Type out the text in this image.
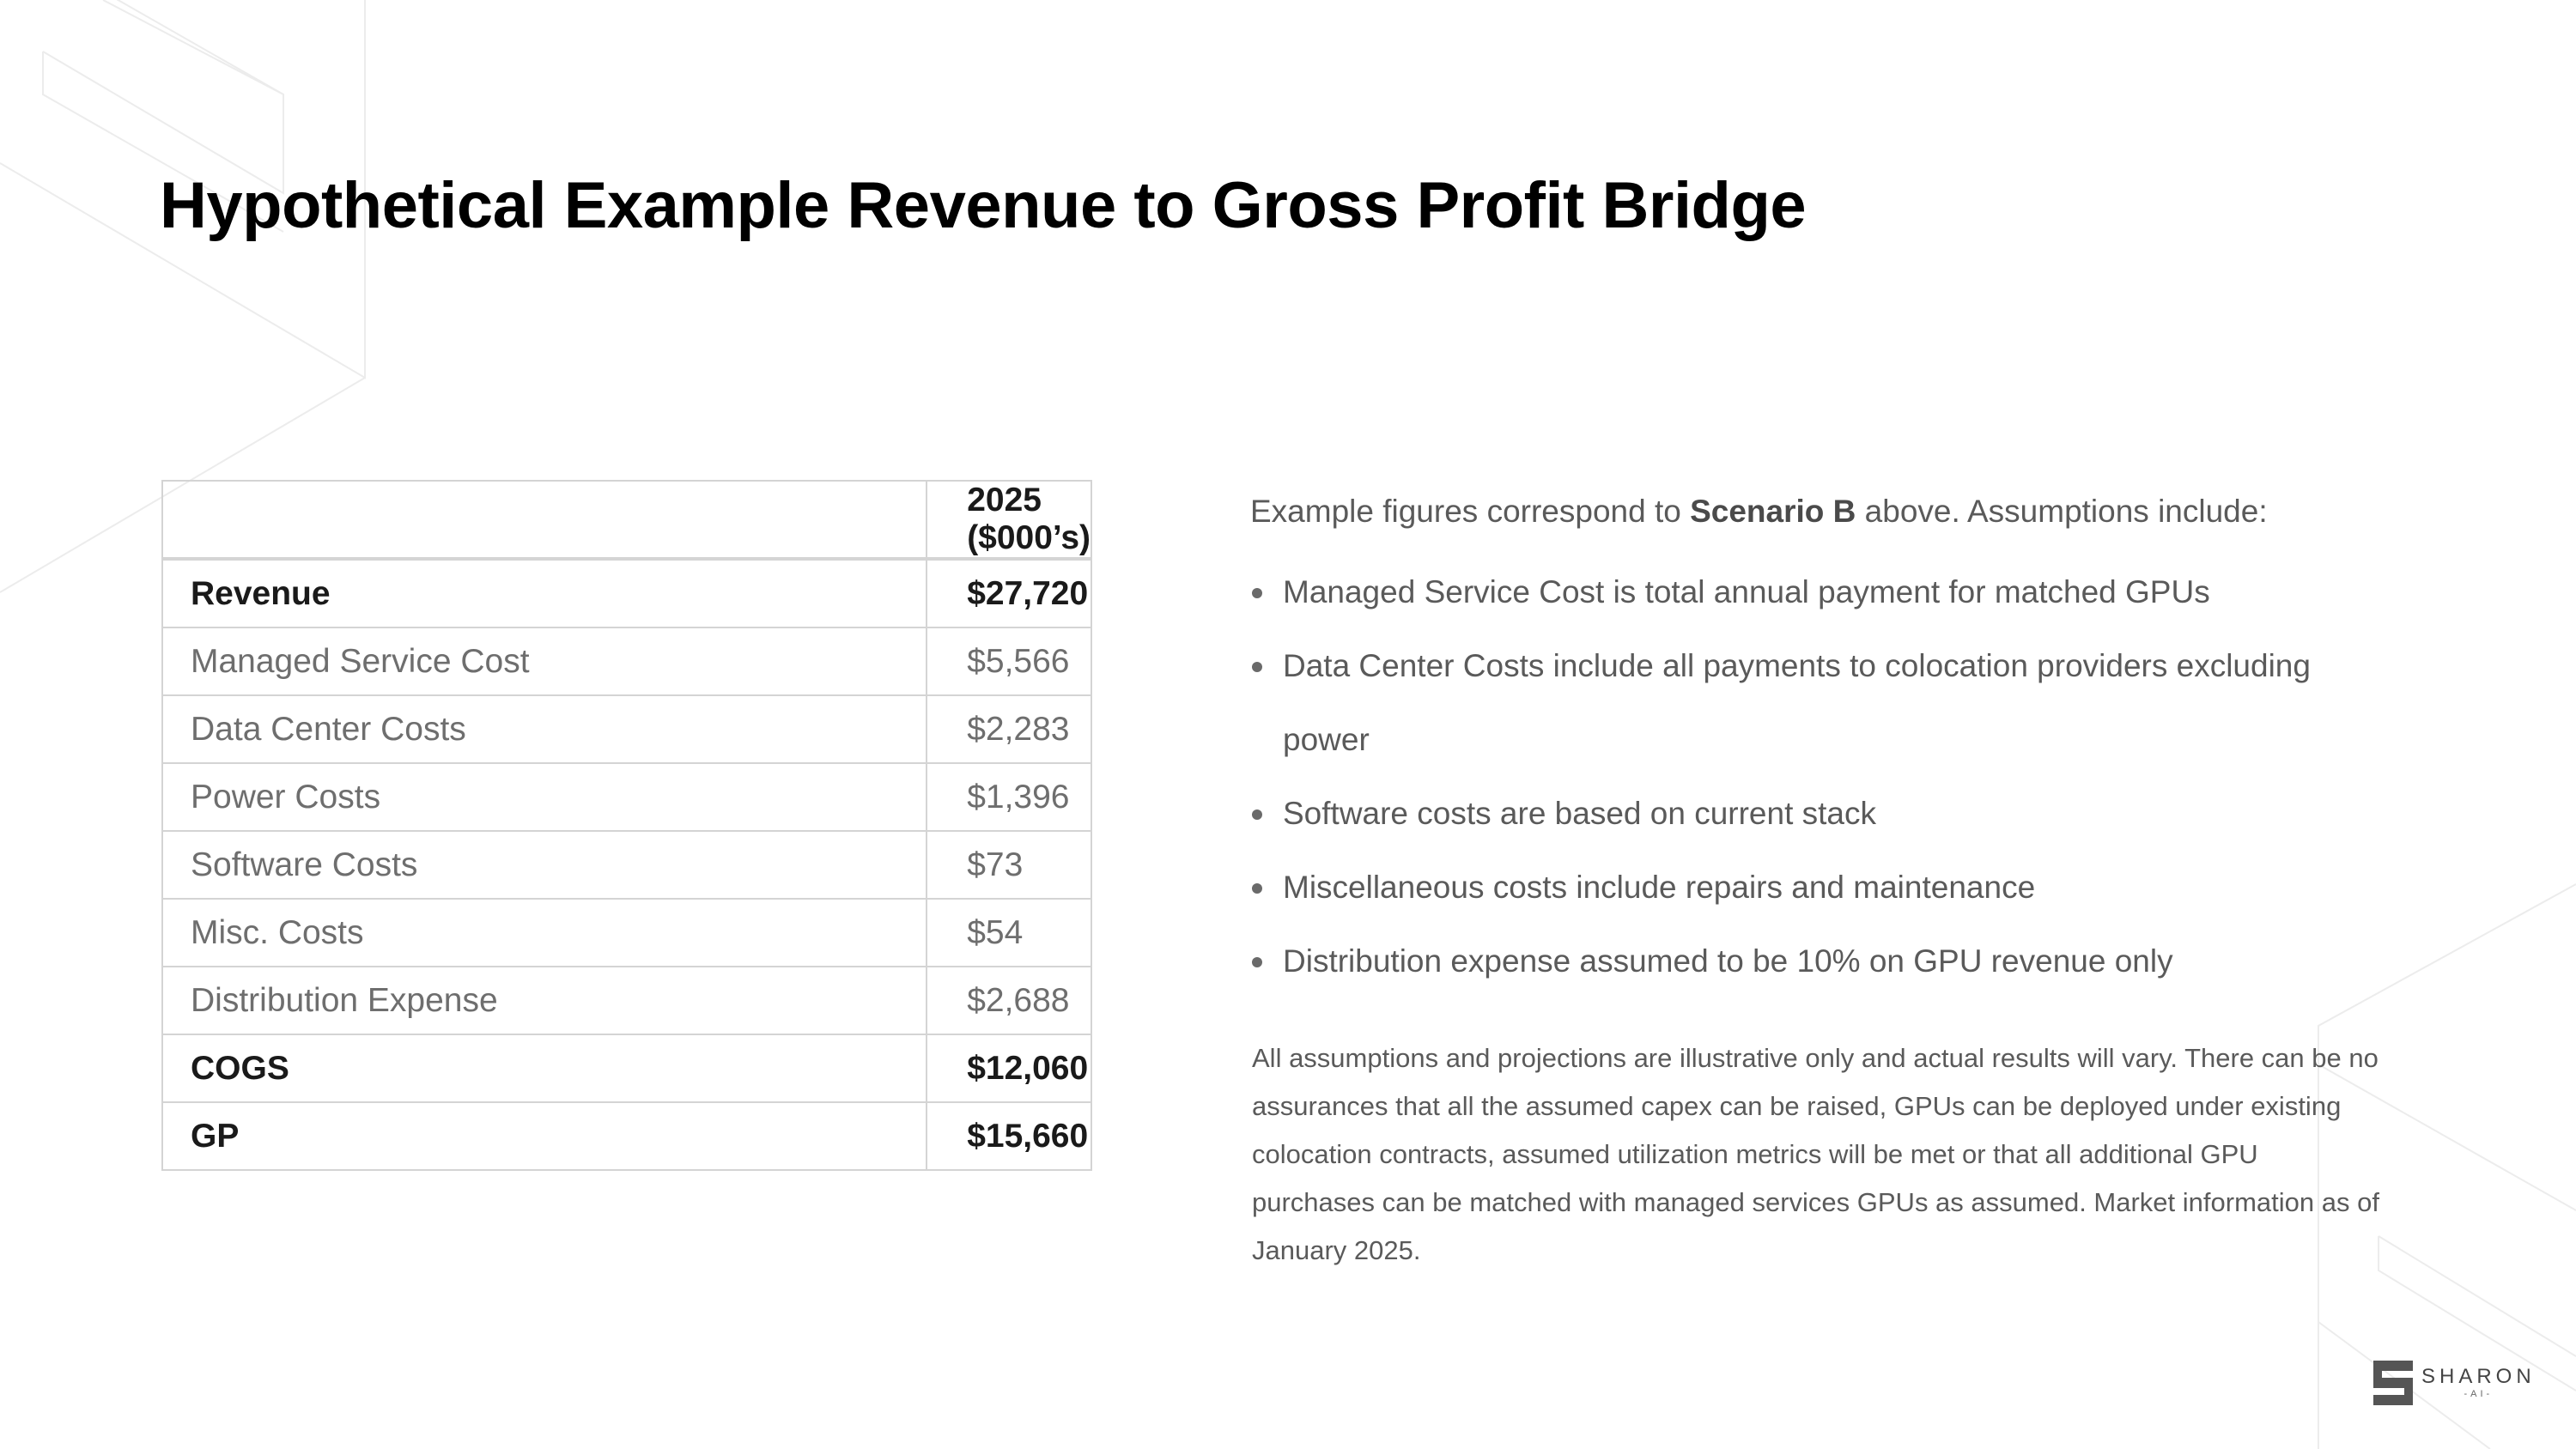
Hypothetical Example Revenue to Gross Profit Bridge
	2025 ($000’s)
Revenue	$27,720
Managed Service Cost	$5,566
Data Center Costs	$2,283
Power Costs	$1,396
Software Costs	$73
Misc. Costs	$54
Distribution Expense	$2,688
COGS	$12,060
GP	$15,660

Example figures correspond to Scenario B above. Assumptions include:

Managed Service Cost is total annual payment for matched GPUs
Data Center Costs include all payments to colocation providers excluding power
Software costs are based on current stack
Miscellaneous costs include repairs and maintenance
Distribution expense assumed to be 10% on GPU revenue only

All assumptions and projections are illustrative only and actual results will vary. There can be no assurances that all the assumed capex can be raised, GPUs can be deployed under existing colocation contracts, assumed utilization metrics will be met or that all additional GPU purchases can be matched with managed services GPUs as assumed. Market information as of January 2025.

SHARON
-AI-
